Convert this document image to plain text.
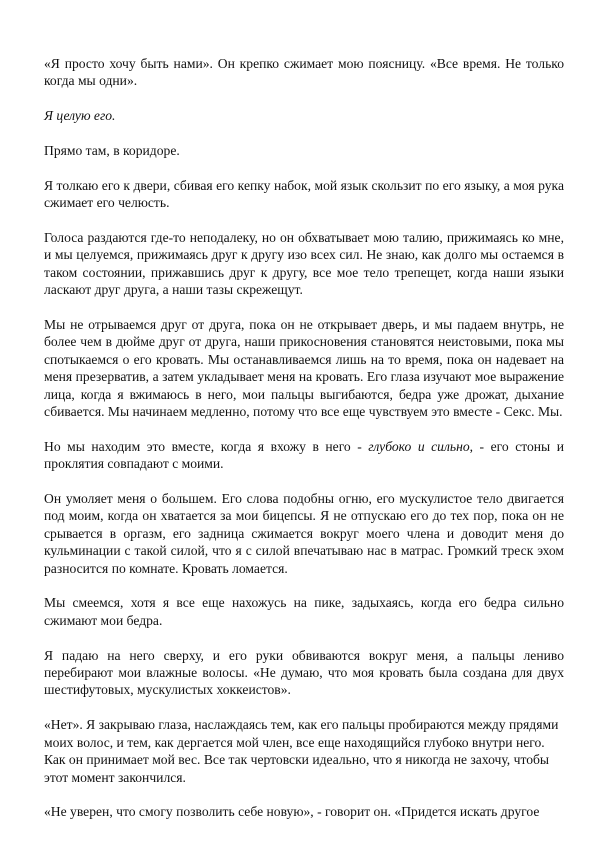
«Я просто хочу быть нами». Он крепко сжимает мою поясницу. «Все время. Не только когда мы одни».

Я целую его.

Прямо там, в коридоре.

Я толкаю его к двери, сбивая его кепку набок, мой язык скользит по его языку, а моя рука сжимает его челюсть.

Голоса раздаются где-то неподалеку, но он обхватывает мою талию, прижимаясь ко мне, и мы целуемся, прижимаясь друг к другу изо всех сил. Не знаю, как долго мы остаемся в таком состоянии, прижавшись друг к другу, все мое тело трепещет, когда наши языки ласкают друг друга, а наши тазы скрежещут.

Мы не отрываемся друг от друга, пока он не открывает дверь, и мы падаем внутрь, не более чем в дюйме друг от друга, наши прикосновения становятся неистовыми, пока мы спотыкаемся о его кровать. Мы останавливаемся лишь на то время, пока он надевает на меня презерватив, а затем укладывает меня на кровать. Его глаза изучают мое выражение лица, когда я вжимаюсь в него, мои пальцы выгибаются, бедра уже дрожат, дыхание сбивается. Мы начинаем медленно, потому что все еще чувствуем это вместе - Секс. Мы.

Но мы находим это вместе, когда я вхожу в него - глубоко и сильно, - его стоны и проклятия совпадают с моими.

Он умоляет меня о большем. Его слова подобны огню, его мускулистое тело двигается под моим, когда он хватается за мои бицепсы. Я не отпускаю его до тех пор, пока он не срывается в оргазм, его задница сжимается вокруг моего члена и доводит меня до кульминации с такой силой, что я с силой впечатываю нас в матрас. Громкий треск эхом разносится по комнате. Кровать ломается.

Мы смеемся, хотя я все еще нахожусь на пике, задыхаясь, когда его бедра сильно сжимают мои бедра.

Я падаю на него сверху, и его руки обвиваются вокруг меня, а пальцы лениво перебирают мои влажные волосы. «Не думаю, что моя кровать была создана для двух шестифутовых, мускулистых хоккеистов».

«Нет». Я закрываю глаза, наслаждаясь тем, как его пальцы пробираются между прядями моих волос, и тем, как дергается мой член, все еще находящийся глубоко внутри него. Как он принимает мой вес. Все так чертовски идеально, что я никогда не захочу, чтобы этот момент закончился.

«Не уверен, что смогу позволить себе новую», - говорит он. «Придется искать другое
